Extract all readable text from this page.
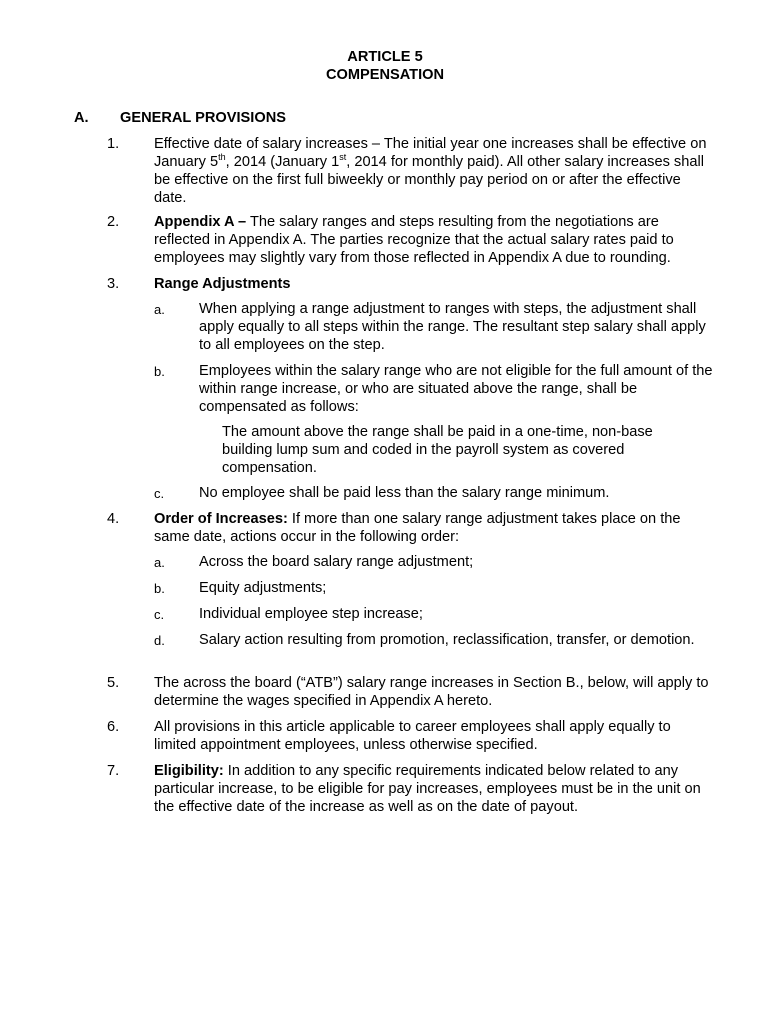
ARTICLE 5
COMPENSATION
A. GENERAL PROVISIONS
1. Effective date of salary increases – The initial year one increases shall be effective on January 5th, 2014 (January 1st, 2014 for monthly paid). All other salary increases shall be effective on the first full biweekly or monthly pay period on or after the effective date.
2. Appendix A – The salary ranges and steps resulting from the negotiations are reflected in Appendix A. The parties recognize that the actual salary rates paid to employees may slightly vary from those reflected in Appendix A due to rounding.
3. Range Adjustments
a. When applying a range adjustment to ranges with steps, the adjustment shall apply equally to all steps within the range. The resultant step salary shall apply to all employees on the step.
b. Employees within the salary range who are not eligible for the full amount of the within range increase, or who are situated above the range, shall be compensated as follows:
The amount above the range shall be paid in a one-time, non-base building lump sum and coded in the payroll system as covered compensation.
c. No employee shall be paid less than the salary range minimum.
4. Order of Increases: If more than one salary range adjustment takes place on the same date, actions occur in the following order:
a. Across the board salary range adjustment;
b. Equity adjustments;
c. Individual employee step increase;
d. Salary action resulting from promotion, reclassification, transfer, or demotion.
5. The across the board (“ATB”) salary range increases in Section B., below, will apply to determine the wages specified in Appendix A hereto.
6. All provisions in this article applicable to career employees shall apply equally to limited appointment employees, unless otherwise specified.
7. Eligibility: In addition to any specific requirements indicated below related to any particular increase, to be eligible for pay increases, employees must be in the unit on the effective date of the increase as well as on the date of payout.
